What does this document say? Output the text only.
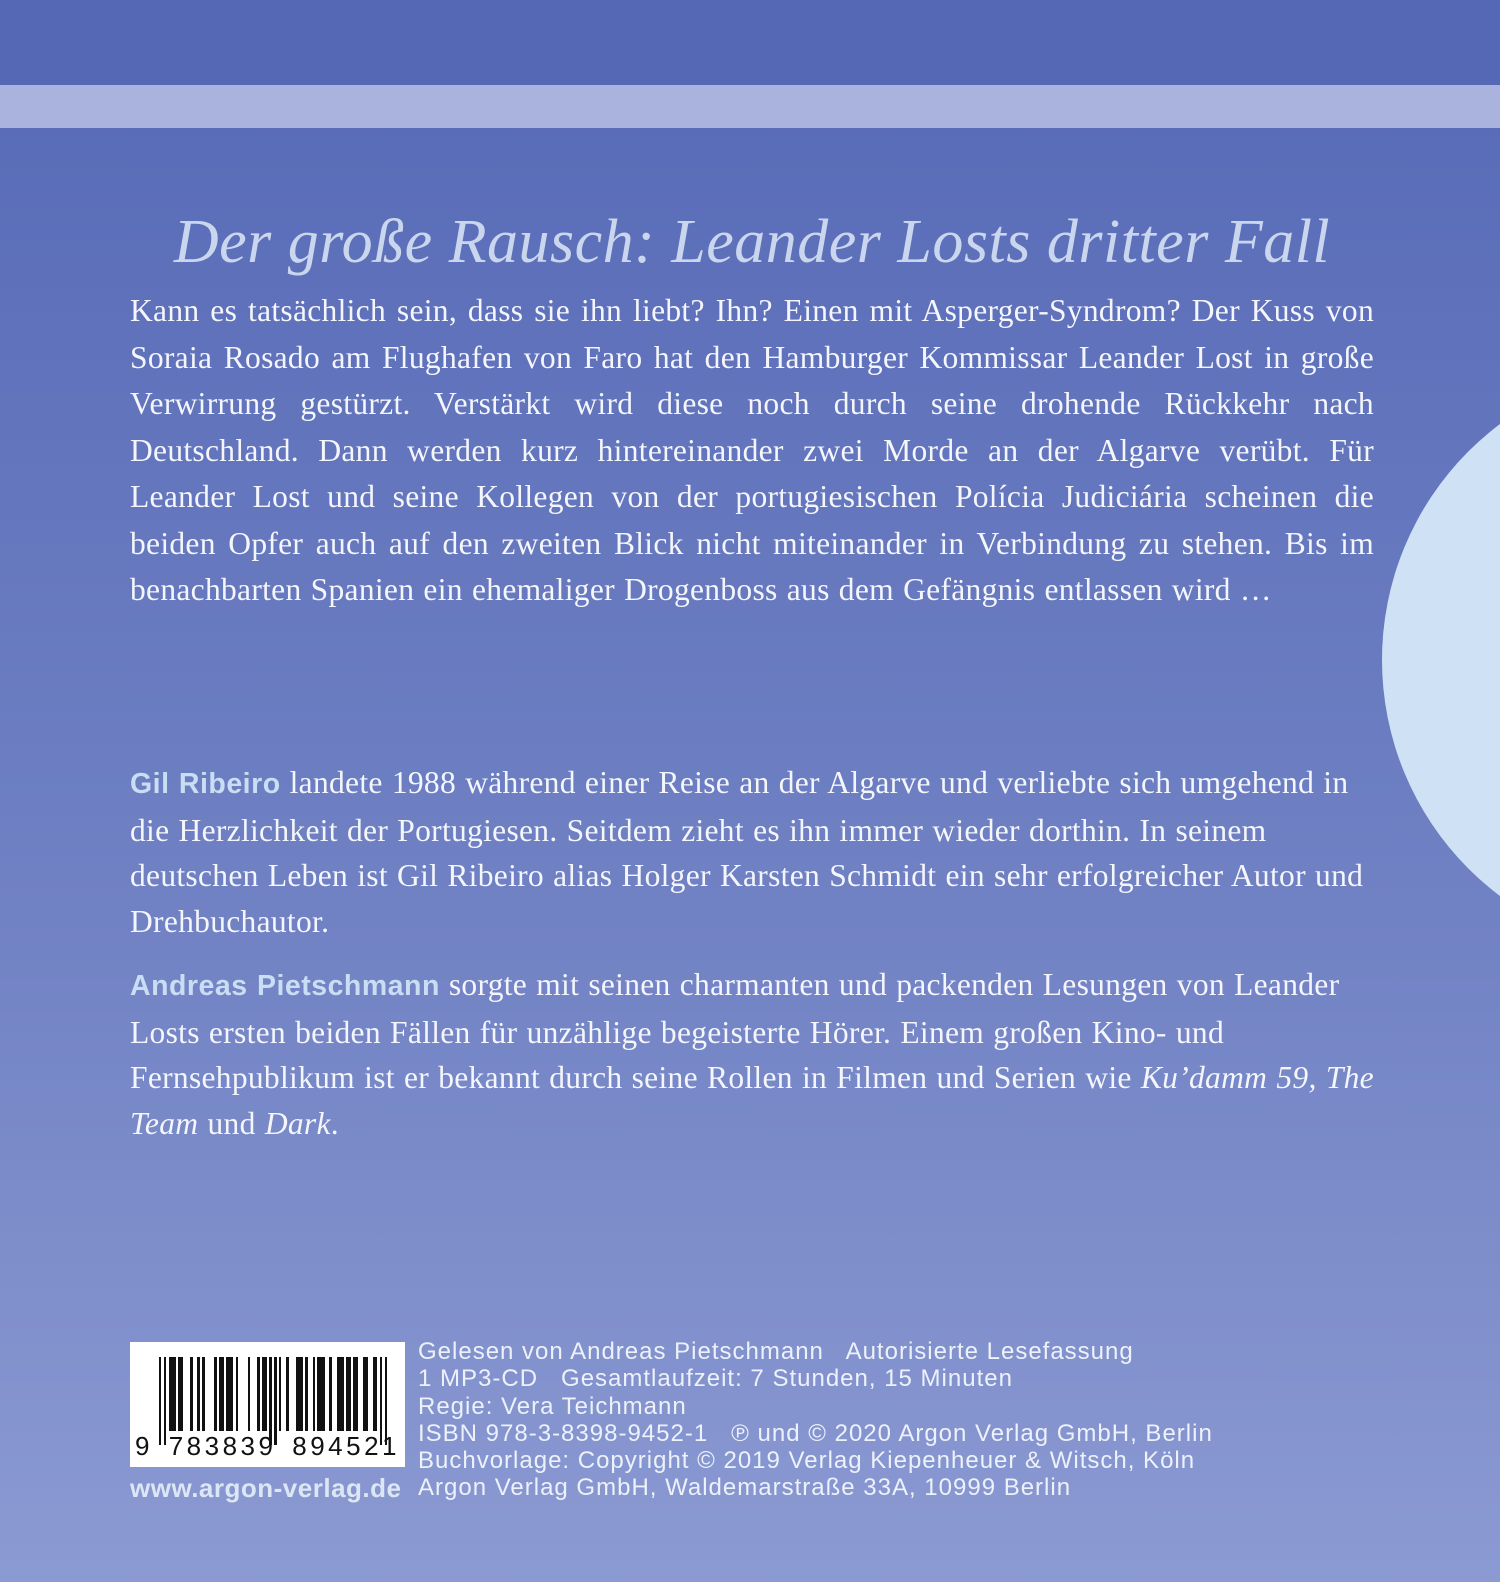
Der große Rausch: Leander Losts dritter Fall

Kann es tatsächlich sein, dass sie ihn liebt? Ihn? Einen mit Asperger-Syndrom? Der Kuss von Soraia Rosado am Flughafen von Faro hat den Hamburger Kommissar Leander Lost in große Verwirrung gestürzt. Verstärkt wird diese noch durch seine drohende Rückkehr nach Deutschland. Dann werden kurz hintereinander zwei Morde an der Algarve verübt. Für Leander Lost und seine Kollegen von der portugiesischen Polícia Judiciária scheinen die beiden Opfer auch auf den zweiten Blick nicht miteinander in Verbindung zu stehen. Bis im benachbarten Spanien ein ehemaliger Drogenboss aus dem Gefängnis entlassen wird …

Gil Ribeiro landete 1988 während einer Reise an der Algarve und verliebte sich umgehend in die Herzlichkeit der Portugiesen. Seitdem zieht es ihn immer wieder dorthin. In seinem deutschen Leben ist Gil Ribeiro alias Holger Karsten Schmidt ein sehr erfolgreicher Autor und Drehbuchautor.

Andreas Pietschmann sorgte mit seinen charmanten und packenden Lesungen von Leander Losts ersten beiden Fällen für unzählige begeisterte Hörer. Einem großen Kino- und Fernsehpublikum ist er bekannt durch seine Rollen in Filmen und Serien wie Ku’damm 59, The Team und Dark.

9 783839 894521
www.argon-verlag.de
Gelesen von Andreas Pietschmann   Autorisierte Lesefassung
1 MP3-CD   Gesamtlaufzeit: 7 Stunden, 15 Minuten
Regie: Vera Teichmann
ISBN 978-3-8398-9452-1   ℗ und © 2020 Argon Verlag GmbH, Berlin
Buchvorlage: Copyright © 2019 Verlag Kiepenheuer & Witsch, Köln
Argon Verlag GmbH, Waldemarstraße 33A, 10999 Berlin
